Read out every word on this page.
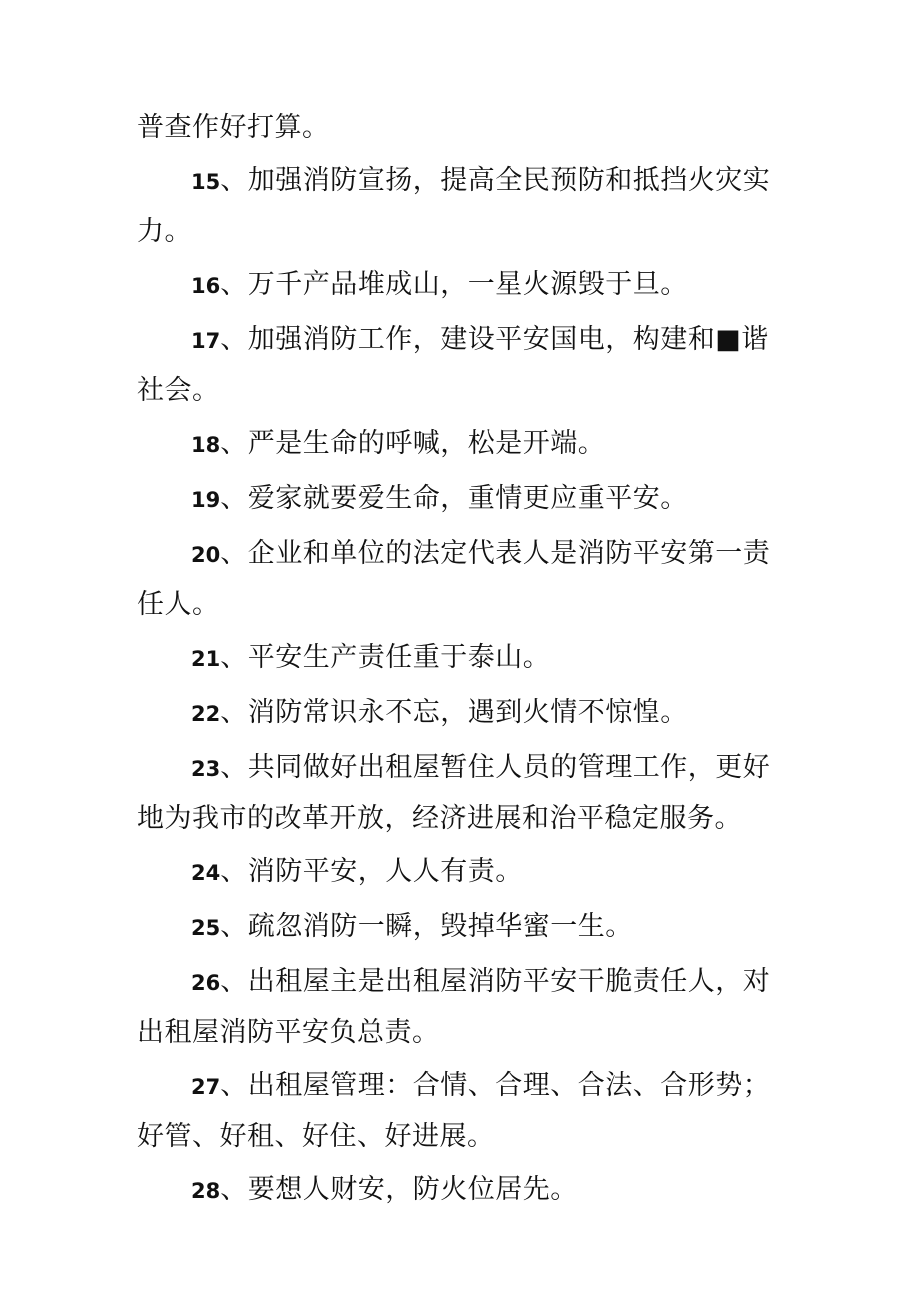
普查作好打算。

15、加强消防宣扬，提高全民预防和抵挡火灾实力。

16、万千产品堆成山，一星火源毁于旦。

17、加强消防工作，建设平安国电，构建和■谐社会。

18、严是生命的呼喊，松是开端。

19、爱家就要爱生命，重情更应重平安。

20、企业和单位的法定代表人是消防平安第一责任人。

21、平安生产责任重于泰山。

22、消防常识永不忘，遇到火情不惊惶。

23、共同做好出租屋暂住人员的管理工作，更好地为我市的改革开放，经济进展和治平稳定服务。

24、消防平安，人人有责。

25、疏忽消防一瞬，毁掉华蜜一生。

26、出租屋主是出租屋消防平安干脆责任人，对出租屋消防平安负总责。

27、出租屋管理：合情、合理、合法、合形势；好管、好租、好住、好进展。

28、要想人财安，防火位居先。
